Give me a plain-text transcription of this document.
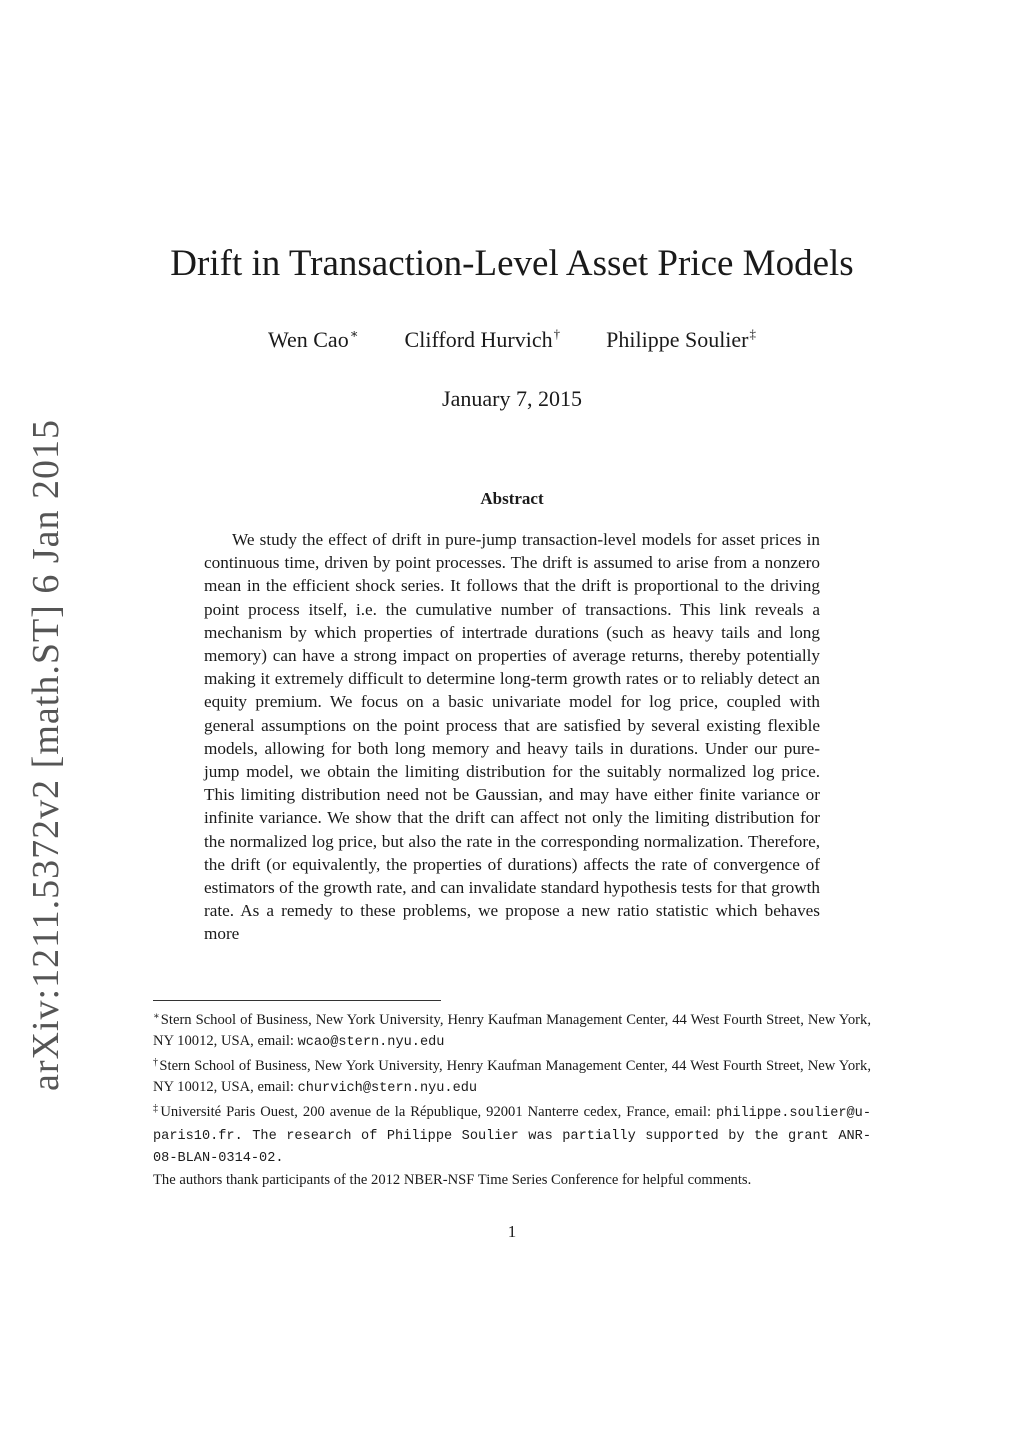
arXiv:1211.5372v2 [math.ST] 6 Jan 2015
Drift in Transaction-Level Asset Price Models
Wen Cao∗ Clifford Hurvich† Philippe Soulier‡
January 7, 2015
Abstract

We study the effect of drift in pure-jump transaction-level models for asset prices in continuous time, driven by point processes. The drift is assumed to arise from a nonzero mean in the efficient shock series. It follows that the drift is proportional to the driving point process itself, i.e. the cumulative number of transactions. This link reveals a mechanism by which properties of intertrade durations (such as heavy tails and long memory) can have a strong impact on properties of average returns, thereby potentially making it extremely difficult to determine long-term growth rates or to reliably detect an equity premium. We focus on a basic univariate model for log price, coupled with general assumptions on the point process that are satisfied by several existing flexible models, allowing for both long memory and heavy tails in durations. Under our pure-jump model, we obtain the limiting distribution for the suitably normalized log price. This limiting distribution need not be Gaussian, and may have either finite variance or infinite variance. We show that the drift can affect not only the limiting distribution for the normalized log price, but also the rate in the corresponding normalization. Therefore, the drift (or equivalently, the properties of durations) affects the rate of convergence of estimators of the growth rate, and can invalidate standard hypothesis tests for that growth rate. As a remedy to these problems, we propose a new ratio statistic which behaves more

∗Stern School of Business, New York University, Henry Kaufman Management Center, 44 West Fourth Street, New York, NY 10012, USA, email: wcao@stern.nyu.edu

†Stern School of Business, New York University, Henry Kaufman Management Center, 44 West Fourth Street, New York, NY 10012, USA, email: churvich@stern.nyu.edu

‡Université Paris Ouest, 200 avenue de la République, 92001 Nanterre cedex, France, email: philippe.soulier@u-paris10.fr. The research of Philippe Soulier was partially supported by the grant ANR-08-BLAN-0314-02.

The authors thank participants of the 2012 NBER-NSF Time Series Conference for helpful comments.

1
